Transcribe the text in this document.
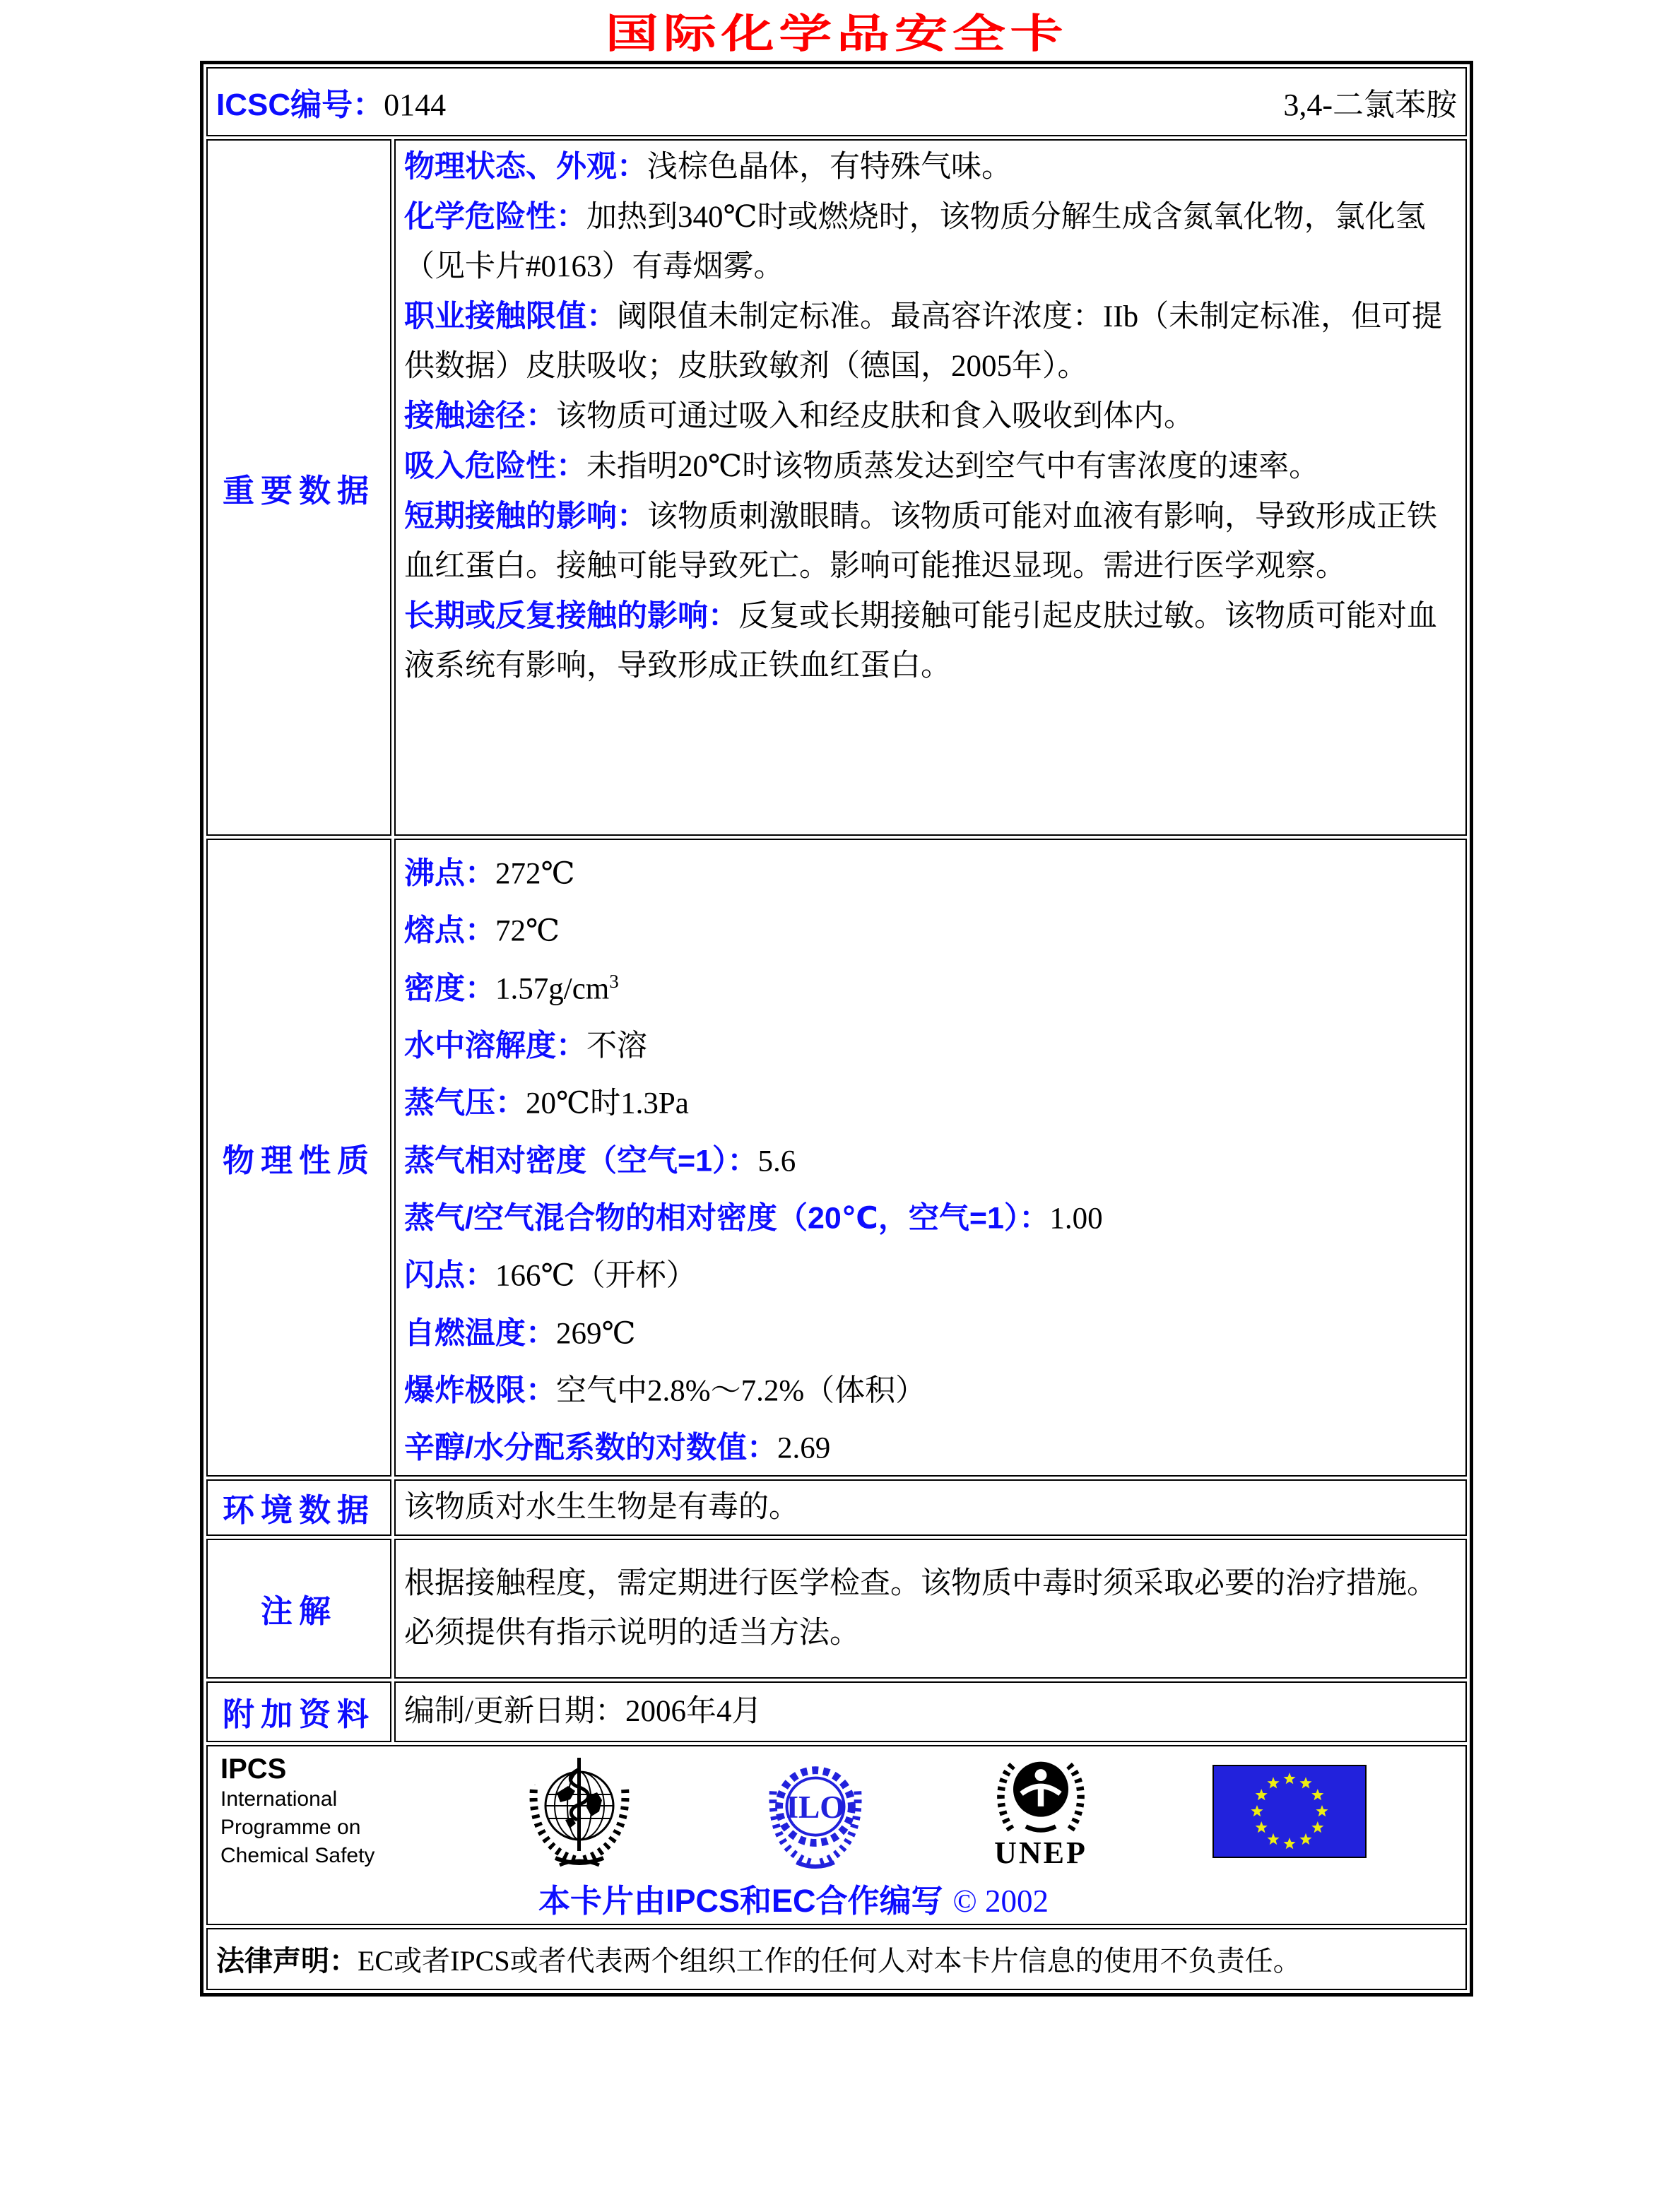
国际化学品安全卡
ICSC编号：0144 3,4-二氯苯胺	

重要数据	
物理状态、外观：浅棕色晶体，有特殊气味。
化学危险性：加热到340℃时或燃烧时，该物质分解生成含氮氧化物，氯化氢（见卡片#0163）有毒烟雾。
职业接触限值：阈限值未制定标准。最高容许浓度：IIb（未制定标准，但可提供数据）皮肤吸收；皮肤致敏剂（德国，2005年）。
接触途径：该物质可通过吸入和经皮肤和食入吸收到体内。
吸入危险性：未指明20℃时该物质蒸发达到空气中有害浓度的速率。
短期接触的影响：该物质刺激眼睛。该物质可能对血液有影响，导致形成正铁血红蛋白。接触可能导致死亡。影响可能推迟显现。需进行医学观察。
长期或反复接触的影响：反复或长期接触可能引起皮肤过敏。该物质可能对血液系统有影响，导致形成正铁血红蛋白。

物理性质	
沸点：272℃
熔点：72℃
密度：$1.57g/cm^3$
水中溶解度：不溶
蒸气压：20℃时1.3Pa
蒸气相对密度（空气=1）：5.6
蒸气/空气混合物的相对密度（20℃，空气=1）：1.00
闪点：166℃（开杯）
自燃温度：269℃
爆炸极限：空气中2.8%～7.2%（体积）
辛醇/水分配系数的对数值：2.69

环境数据	该物质对水生生物是有毒的。
注解	根据接触程度，需定期进行医学检查。该物质中毒时须采取必要的治疗措施。必须提供有指示说明的适当方法。
附加资料	编制/更新日期：2006年4月

IPCS
International
Programme on
Chemical Safety
ILO
UNEP
本卡片由IPCS和EC合作编写 © 2002

法律声明：EC或者IPCS或者代表两个组织工作的任何人对本卡片信息的使用不负责任。	
